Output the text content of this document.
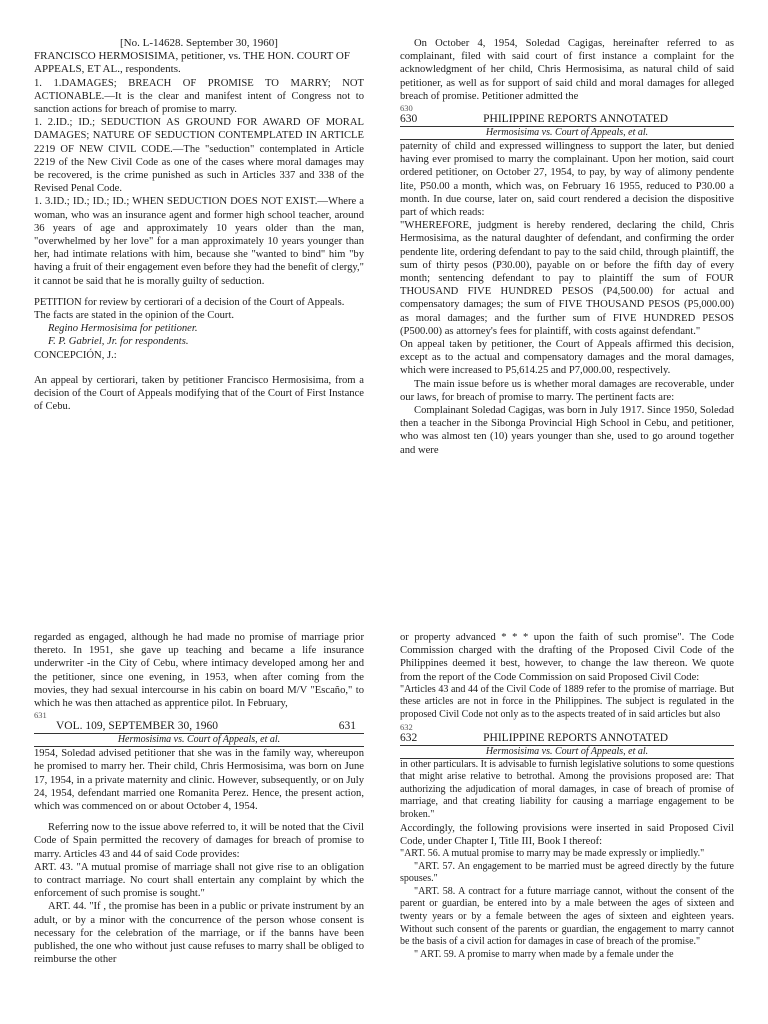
[No. L-14628. September 30, 1960]

FRANCISCO HERMOSISIMA, petitioner, vs. THE HON. COURT OF APPEALS, ET AL., respondents.

1. 1.DAMAGES; BREACH OF PROMISE TO MARRY; NOT ACTIONABLE.—It is the clear and manifest intent of Congress not to sanction actions for breach of promise to marry.

1. 2.ID.; ID.; SEDUCTION AS GROUND FOR AWARD OF MORAL DAMAGES; NATURE OF SEDUCTION CONTEMPLATED IN ARTICLE 2219 OF NEW CIVIL CODE.—The "seduction" contemplated in Article 2219 of the New Civil Code as one of the cases where moral damages may be recovered, is the crime punished as such in Articles 337 and 338 of the Revised Penal Code.

1. 3.ID.; ID.; ID.; ID.; WHEN SEDUCTION DOES NOT EXIST.—Where a woman, who was an insurance agent and former high school teacher, around 36 years of age and approximately 10 years older than the man, "overwhelmed by her love" for a man approximately 10 years younger than her, had intimate relations with him, because she "wanted to bind" him "by having a fruit of their engagement even before they had the benefit of clergy," it cannot be said that he is morally guilty of seduction.

PETITION for review by certiorari of a decision of the Court of Appeals.

The facts are stated in the opinion of the Court.

Regino Hermosisima for petitioner.

F. P. Gabriel, Jr. for respondents.

CONCEPCIÓN, J.:

An appeal by certiorari, taken by petitioner Francisco Hermosisima, from a decision of the Court of Appeals modifying that of the Court of First Instance of Cebu.

On October 4, 1954, Soledad Cagigas, hereinafter referred to as complainant, filed with said court of first instance a complaint for the acknowledgment of her child, Chris Hermosisima, as natural child of said petitioner, as well as for support of said child and moral damages for alleged breach of promise. Petitioner admitted the

630

630	PHILIPPINE REPORTS ANNOTATED

Hermosisima vs. Court of Appeals, et al.

paternity of child and expressed willingness to support the later, but denied having ever promised to marry the complainant. Upon her motion, said court ordered petitioner, on October 27, 1954, to pay, by way of alimony pendente lite, P50.00 a month, which was, on February 16 1955, reduced to P30.00 a month. In due course, later on, said court rendered a decision the dispositive part of which reads:

"WHEREFORE, judgment is hereby rendered, declaring the child, Chris Hermosisima, as the natural daughter of defendant, and confirming the order pendente lite, ordering defendant to pay to the said child, through plaintiff, the sum of thirty pesos (P30.00), payable on or before the fifth day of every month; sentencing defendant to pay to plaintiff the sum of FOUR THOUSAND FIVE HUNDRED PESOS (P4,500.00) for actual and compensatory damages; the sum of FIVE THOUSAND PESOS (P5,000.00) as moral damages; and the further sum of FIVE HUNDRED PESOS (P500.00) as attorney's fees for plaintiff, with costs against defendant."

On appeal taken by petitioner, the Court of Appeals affirmed this decision, except as to the actual and compensatory damages and the moral damages, which were increased to P5,614.25 and P7,000.00, respectively.

The main issue before us is whether moral damages are recoverable, under our laws, for breach of promise to marry. The pertinent facts are:

Complainant Soledad Cagigas, was born in July 1917. Since 1950, Soledad then a teacher in the Sibonga Provincial High School in Cebu, and petitioner, who was almost ten (10) years younger than she, used to go around together and were

regarded as engaged, although he had made no promise of marriage prior thereto. In 1951, she gave up teaching and became a life insurance underwriter -in the City of Cebu, where intimacy developed among her and the petitioner, since one evening, in 1953, when after coming from the movies, they had sexual intercourse in his cabin on board M/V "Escaño," to which he was then attached as apprentice pilot. In February,

631

VOL. 109, SEPTEMBER 30, 1960	631

Hermosisima vs. Court of Appeals, et al.

1954, Soledad advised petitioner that she was in the family way, whereupon he promised to marry her. Their child, Chris Hermosisima, was born on June 17, 1954, in a private maternity and clinic. However, subsequently, or on July 24, 1954, defendant married one Romanita Perez. Hence, the present action, which was commenced on or about October 4, 1954.

Referring now to the issue above referred to, it will be noted that the Civil Code of Spain permitted the recovery of damages for breach of promise to marry. Articles 43 and 44 of said Code provides:

ART. 43. "A mutual promise of marriage shall not give rise to an obligation to contract marriage. No court shall entertain any complaint by which the enforcement of such promise is sought."

ART. 44. "If , the promise has been in a public or private instrument by an adult, or by a minor with the concurrence of the person whose consent is necessary for the celebration of the marriage, or if the banns have been published, the one who without just cause refuses to marry shall be obliged to reimburse the other

or property advanced * * * upon the faith of such promise". The Code Commission charged with the drafting of the Proposed Civil Code of the Philippines deemed it best, however, to change the law thereon. We quote from the report of the Code Commission on said Proposed Civil Code:

"Articles 43 and 44 of the Civil Code of 1889 refer to the promise of marriage. But these articles are not in force in the Philippines. The subject is regulated in the proposed Civil Code not only as to the aspects treated of in said articles but also

632

632	PHILIPPINE REPORTS ANNOTATED

Hermosisima vs. Court of Appeals, et al.

in other particulars. It is advisable to furnish legislative solutions to some questions that might arise relative to betrothal. Among the provisions proposed are: That authorizing the adjudication of moral damages, in case of breach of promise of marriage, and that creating liability for causing a marriage engagement to be broken."

Accordingly, the following provisions were inserted in said Proposed Civil Code, under Chapter I, Title III, Book I thereof:

"ART. 56. A mutual promise to marry may be made expressly or impliedly."

"ART. 57. An engagement to be married must be agreed directly by the future spouses."

"ART. 58. A contract for a future marriage cannot, without the consent of the parent or guardian, be entered into by a male between the ages of sixteen and twenty years or by a female between the ages of sixteen and eighteen years. Without such consent of the parents or guardian, the engagement to marry cannot be the basis of a civil action for damages in case of breach of the promise."

" ART. 59. A promise to marry when made by a female under the
